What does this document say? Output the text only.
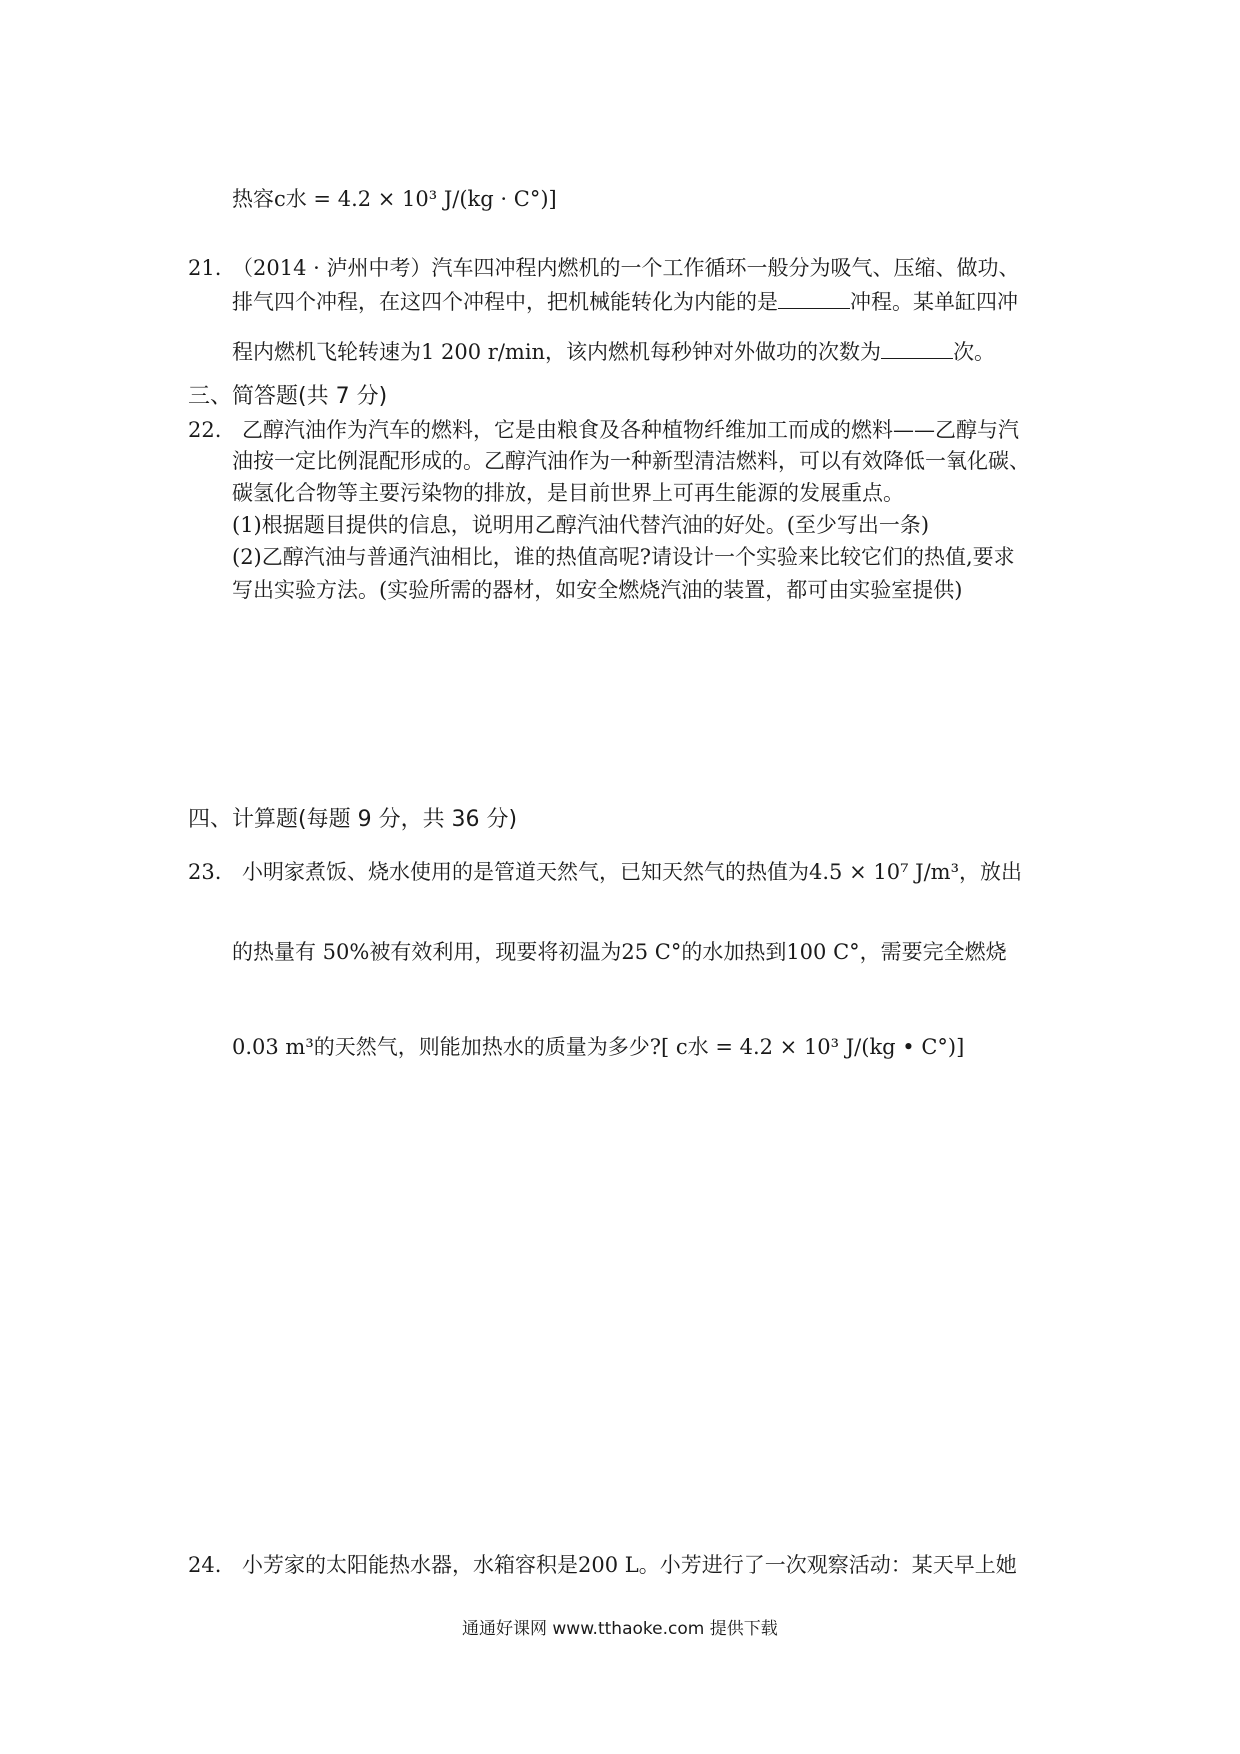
热容c水 = 4.2 × 10³ J/(kg · C°)]
21. （2014 · 泸州中考）汽车四冲程内燃机的一个工作循环一般分为吸气、压缩、做功、
排气四个冲程，在这四个冲程中，把机械能转化为内能的是	冲程。某单缸四冲
程内燃机飞轮转速为1 200 r/min，该内燃机每秒钟对外做功的次数为	次。
三、简答题(共 7 分)
22. 乙醇汽油作为汽车的燃料，它是由粮食及各种植物纤维加工而成的燃料——乙醇与汽
油按一定比例混配形成的。乙醇汽油作为一种新型清洁燃料，可以有效降低一氧化碳、
碳氢化合物等主要污染物的排放，是目前世界上可再生能源的发展重点。
(1)根据题目提供的信息，说明用乙醇汽油代替汽油的好处。(至少写出一条)
(2)乙醇汽油与普通汽油相比，谁的热值高呢?请设计一个实验来比较它们的热值,要求
写出实验方法。(实验所需的器材，如安全燃烧汽油的装置，都可由实验室提供)
四、计算题(每题 9 分，共 36 分)
23. 小明家煮饭、烧水使用的是管道天然气，已知天然气的热值为4.5 × 10⁷ J/m³，放出
的热量有 50%被有效利用，现要将初温为25 C°的水加热到100 C°，需要完全燃烧
0.03 m³的天然气，则能加热水的质量为多少?[ c水 = 4.2 × 10³ J/(kg • C°)]
24. 小芳家的太阳能热水器，水箱容积是200 L。小芳进行了一次观察活动：某天早上她
通通好课网 www.tthaoke.com 提供下载
